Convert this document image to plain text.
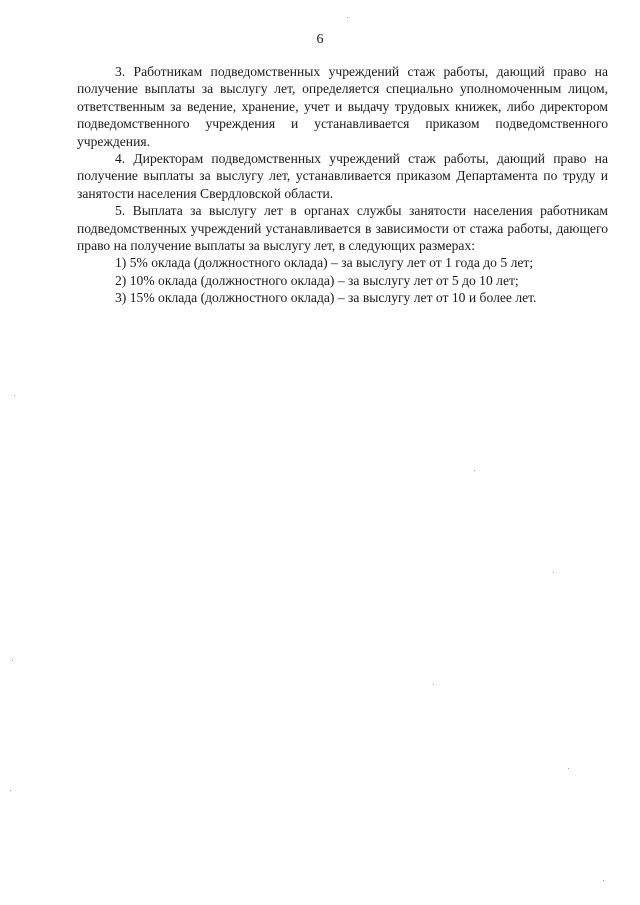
6

3. Работникам подведомственных учреждений стаж работы, дающий право на получение выплаты за выслугу лет, определяется специально уполномоченным лицом, ответственным за ведение, хранение, учет и выдачу трудовых книжек, либо директором подведомственного учреждения и устанавливается приказом подведомственного учреждения.

4. Директорам подведомственных учреждений стаж работы, дающий право на получение выплаты за выслугу лет, устанавливается приказом Департамента по труду и занятости населения Свердловской области.

5. Выплата за выслугу лет в органах службы занятости населения работникам подведомственных учреждений устанавливается в зависимости от стажа работы, дающего право на получение выплаты за выслугу лет, в следующих размерах:

1) 5% оклада (должностного оклада) – за выслугу лет от 1 года до 5 лет;

2) 10% оклада (должностного оклада) – за выслугу лет от 5 до 10 лет;

3) 15% оклада (должностного оклада) – за выслугу лет от 10 и более лет.
